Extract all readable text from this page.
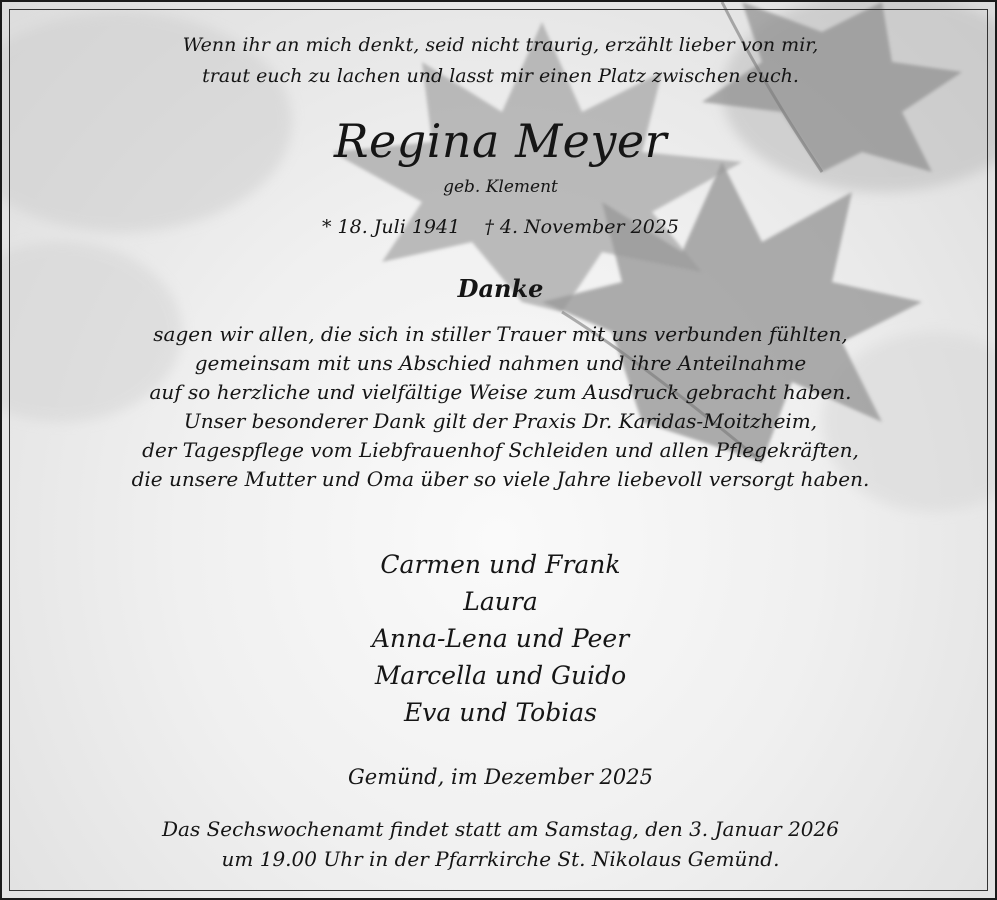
Wenn ihr an mich denkt, seid nicht traurig, erzählt lieber von mir,
traut euch zu lachen und lasst mir einen Platz zwischen euch.
Regina Meyer
geb. Klement
* 18. Juli 1941    † 4. November 2025
Danke
sagen wir allen, die sich in stiller Trauer mit uns verbunden fühlten,
gemeinsam mit uns Abschied nahmen und ihre Anteilnahme
auf so herzliche und vielfältige Weise zum Ausdruck gebracht haben.
Unser besonderer Dank gilt der Praxis Dr. Karidas-Moitzheim,
der Tagespflege vom Liebfrauenhof Schleiden und allen Pflegekräften,
die unsere Mutter und Oma über so viele Jahre liebevoll versorgt haben.
Carmen und Frank
Laura
Anna-Lena und Peer
Marcella und Guido
Eva und Tobias
Gemünd, im Dezember 2025
Das Sechswochenamt findet statt am Samstag, den 3. Januar 2026
um 19.00 Uhr in der Pfarrkirche St. Nikolaus Gemünd.
